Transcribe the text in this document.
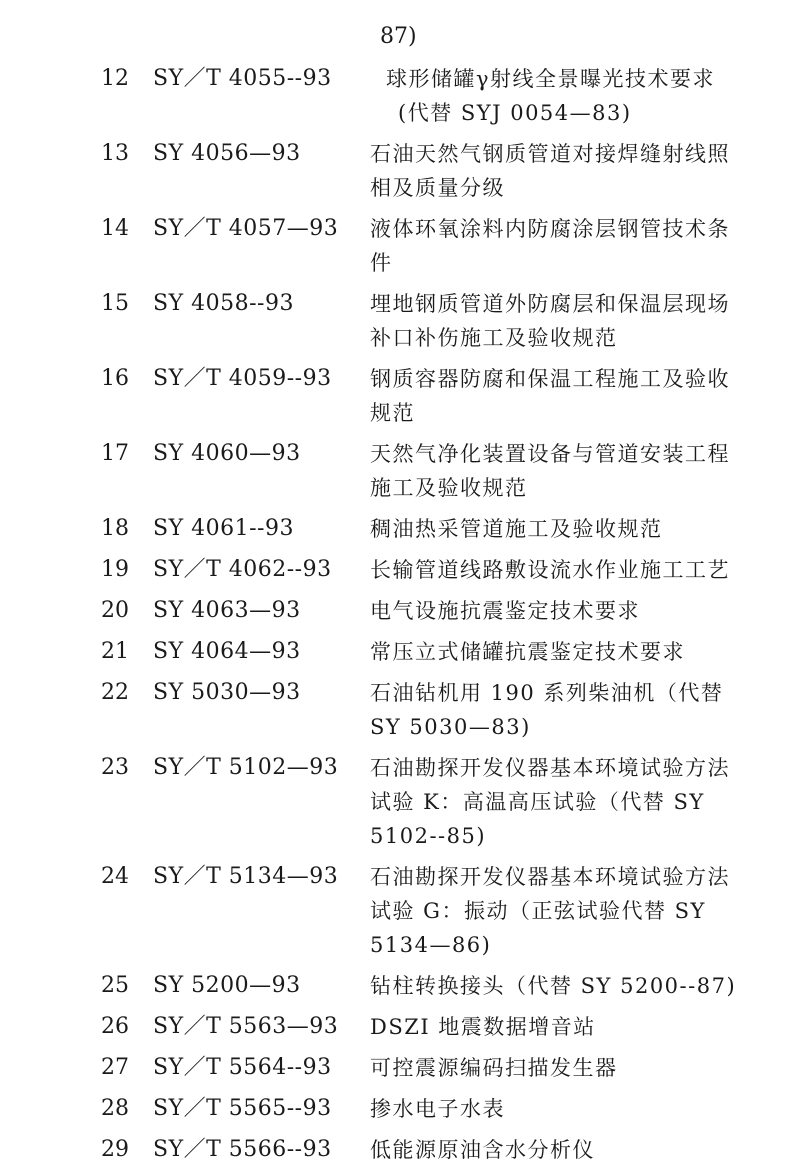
87)
12	SY／T 4055--93	球形储罐γ射线全景曝光技术要求
(代替 SYJ 0054—83)
13	SY 4056—93	石油天然气钢质管道对接焊缝射线照
相及质量分级
14	SY／T 4057—93	液体环氧涂料内防腐涂层钢管技术条
件
15	SY 4058--93	埋地钢质管道外防腐层和保温层现场
补口补伤施工及验收规范
16	SY／T 4059--93	钢质容器防腐和保温工程施工及验收
规范
17	SY 4060—93	天然气净化装置设备与管道安装工程
施工及验收规范
18	SY 4061--93	稠油热采管道施工及验收规范
19	SY／T 4062--93	长输管道线路敷设流水作业施工工艺
20	SY 4063—93	电气设施抗震鉴定技术要求
21	SY 4064—93	常压立式储罐抗震鉴定技术要求
22	SY 5030—93	石油钻机用 190 系列柴油机（代替
SY 5030—83)
23	SY／T 5102—93	石油勘探开发仪器基本环境试验方法
试验 K：高温高压试验（代替 SY
5102--85)
24	SY／T 5134—93	石油勘探开发仪器基本环境试验方法
试验 G：振动（正弦试验代替 SY
5134—86)
25	SY 5200—93	钻柱转换接头（代替 SY 5200--87)
26	SY／T 5563—93	DSZI 地震数据增音站
27	SY／T 5564--93	可控震源编码扫描发生器
28	SY／T 5565--93	掺水电子水表
29	SY／T 5566--93	低能源原油含水分析仪
